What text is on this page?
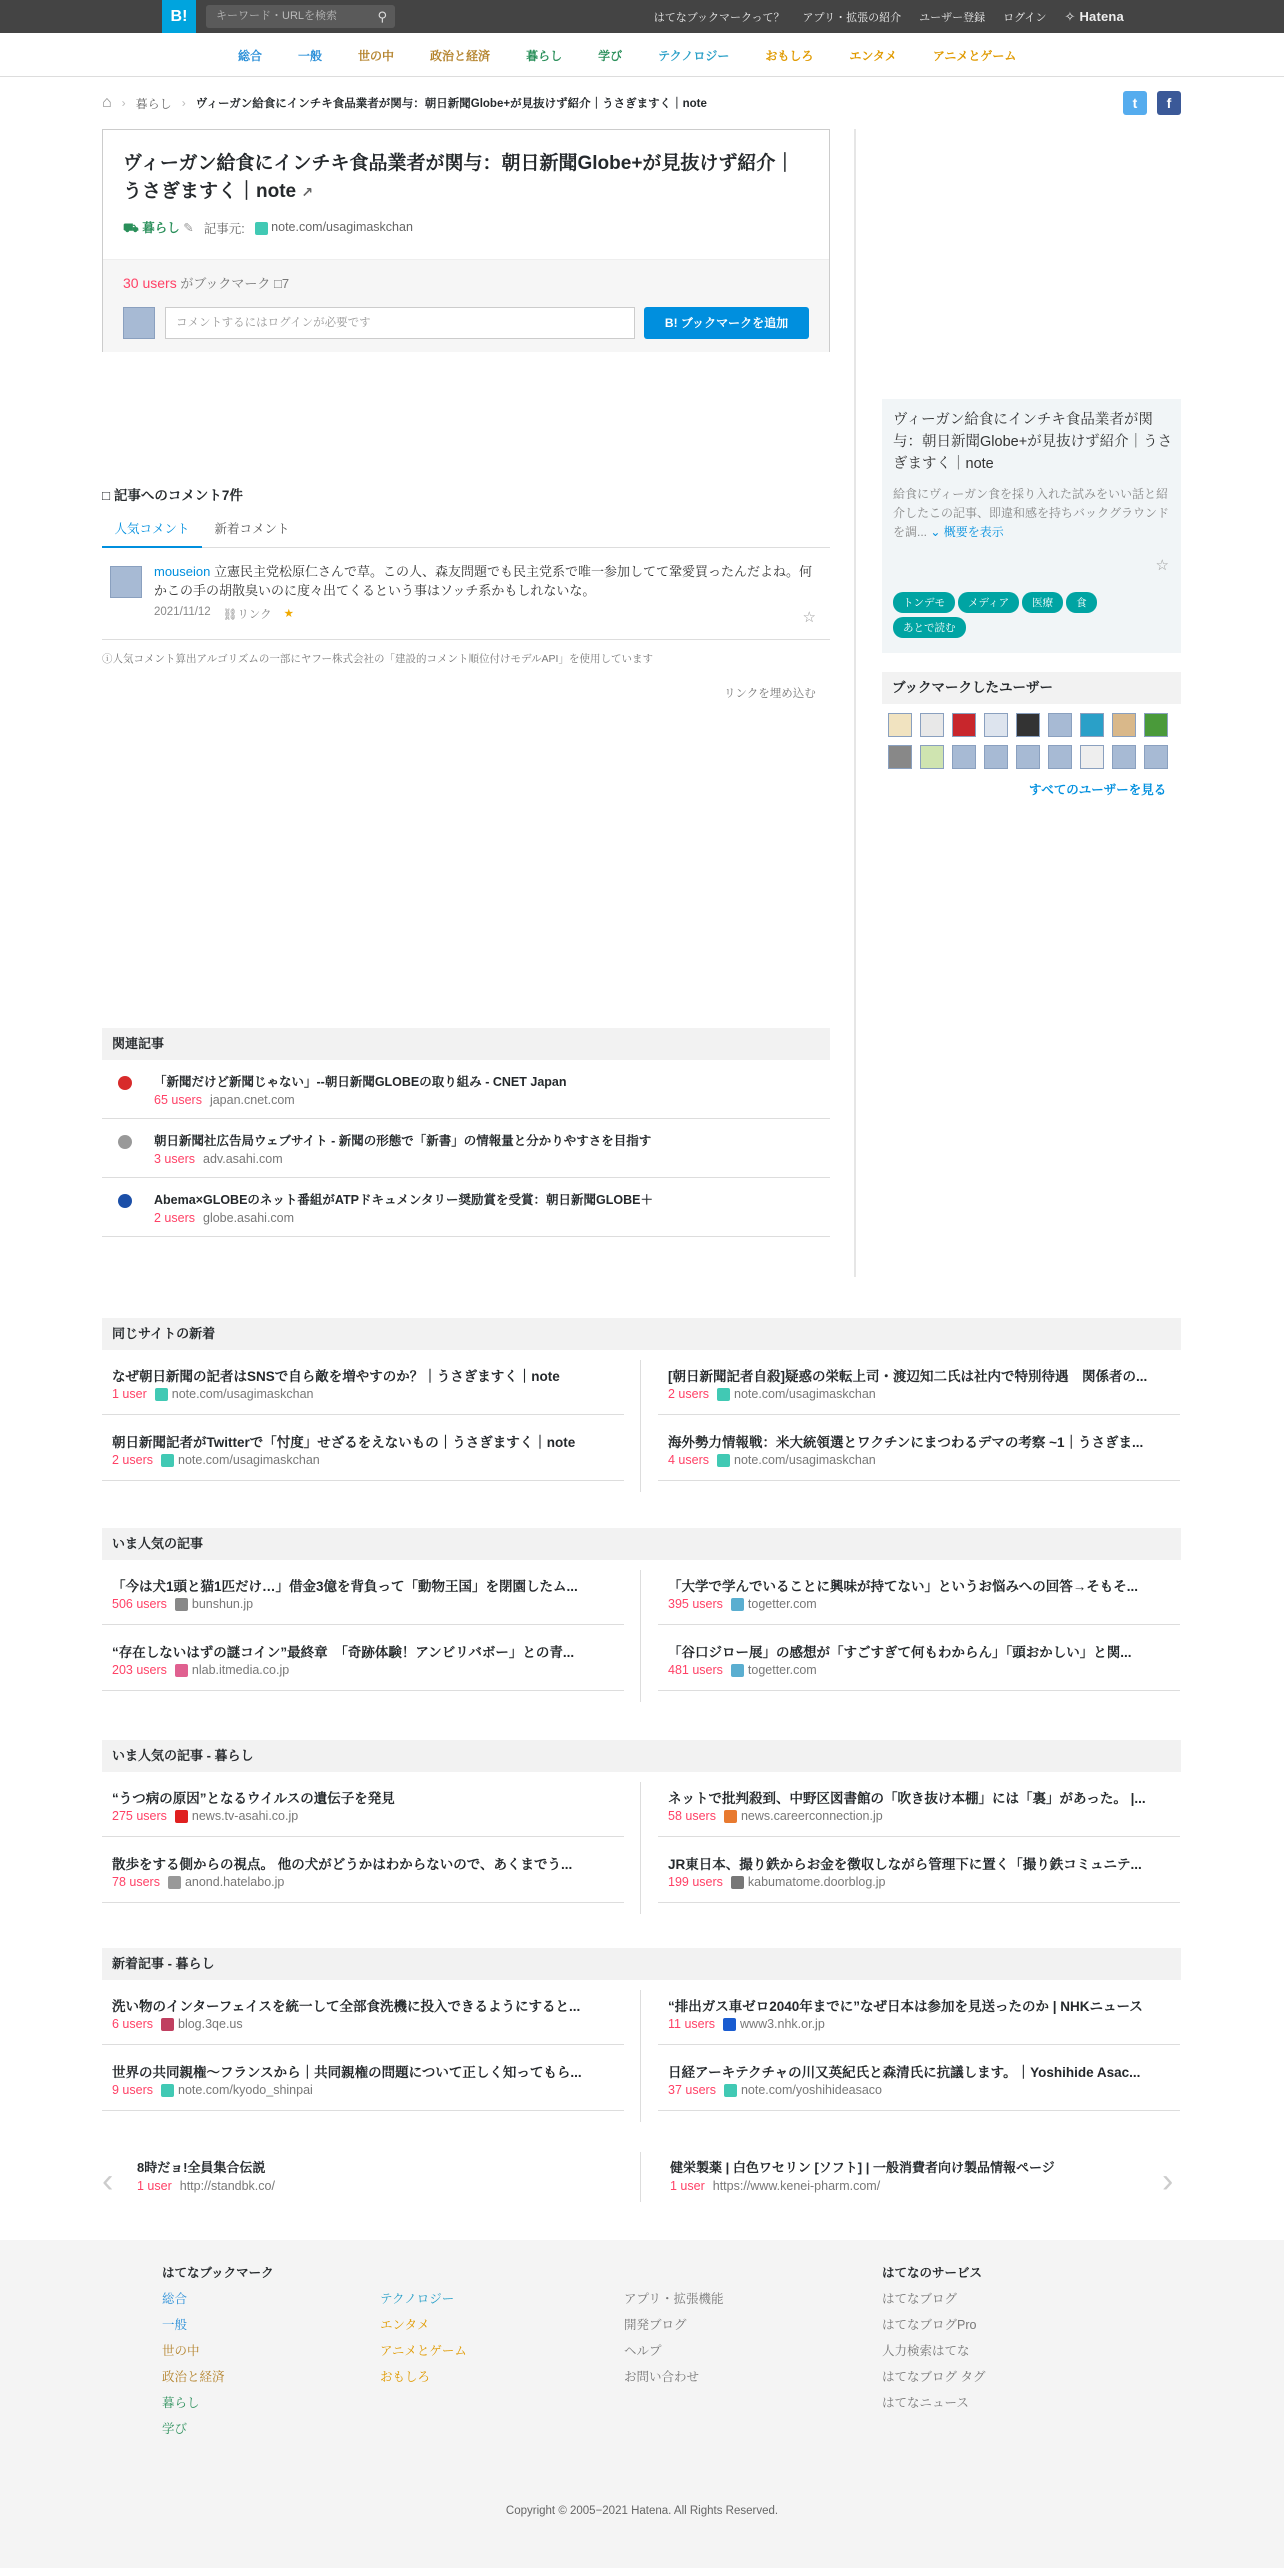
B!	キーワード・URLを検索	⚲	はてなブックマークって？ アプリ・拡張の紹介 ユーザー登録 ログイン ✧ Hatena
総合	一般	世の中	政治と経済	暮らし	学び	テクノロジー	おもしろ	エンタメ	アニメとゲーム
⌂ › 暮らし › ヴィーガン給食にインチキ食品業者が関与：朝日新聞Globe+が見抜けず紹介｜うさぎますく｜note	t	f
ヴィーガン給食にインチキ食品業者が関与：朝日新聞Globe+が見抜けず紹介｜うさぎますく｜note ↗
⛟ 暮らし ✎ 記事元:	note.com/usagimaskchan
30 users がブックマーク □7
コメントするにはログインが必要です	B! ブックマークを追加
□ 記事へのコメント7件
人気コメント	新着コメント
mouseion 立憲民主党松原仁さんで草。この人、森友問題でも民主党系で唯一参加してて鞏愛買ったんだよね。何かこの手の胡散臭いのに度々出てくるという事はソッチ系かもしれないな。
2021/11/12 ⛓リンク ★	☆
ⓘ人気コメント算出アルゴリズムの一部にヤフー株式会社の「建設的コメント順位付けモデルAPI」を使用しています
リンクを埋め込む
ヴィーガン給食にインチキ食品業者が関与：朝日新聞Globe+が見抜けず紹介｜うさぎますく｜note
給食にヴィーガン食を採り入れた試みをいい話と紹介したこの記事、即違和感を持ちバックグラウンドを調... ⌄ 概要を表示
☆
トンデモ メディア 医療 食あとで読む
ブックマークしたユーザー
すべてのユーザーを見る
関連記事
「新聞だけど新聞じゃない」--朝日新聞GLOBEの取り組み - CNET Japan
65 users japan.cnet.com
朝日新聞社広告局ウェブサイト - 新聞の形態で「新書」の情報量と分かりやすさを目指す
3 users adv.asahi.com
Abema×GLOBEのネット番組がATPドキュメンタリー奨励賞を受賞：朝日新聞GLOBE＋
2 users globe.asahi.com
同じサイトの新着
なぜ朝日新聞の記者はSNSで自ら敵を増やすのか？｜うさぎますく｜note
1 user	note.com/usagimaskchan
[朝日新聞記者自殺]疑惑の栄転上司・渡辺知二氏は社内で特別待遇　関係者の...
2 users	note.com/usagimaskchan
朝日新聞記者がTwitterで「忖度」せざるをえないもの｜うさぎますく｜note
2 users	note.com/usagimaskchan
海外勢力情報戦：米大統領選とワクチンにまつわるデマの考察 ~1｜うさぎま...
4 users	note.com/usagimaskchan
いま人気の記事
「今は犬1頭と猫1匹だけ…」借金3億を背負って「動物王国」を閉園したム...
506 users	bunshun.jp
「大学で学んでいることに興味が持てない」というお悩みへの回答→そもそ...
395 users	togetter.com
“存在しないはずの謎コイン”最終章　「奇跡体験！アンビリバボー」との青...
203 users	nlab.itmedia.co.jp
「谷口ジロー展」の感想が「すごすぎて何もわからん」「頭おかしい」と関...
481 users	togetter.com
いま人気の記事 - 暮らし
“うつ病の原因”となるウイルスの遺伝子を発見
275 users	news.tv-asahi.co.jp
ネットで批判殺到、中野区図書館の「吹き抜け本棚」には「裏」があった。 |...
58 users	news.careerconnection.jp
散歩をする側からの視点。 他の犬がどうかはわからないので、あくまでう...
78 users	anond.hatelabo.jp
JR東日本、撮り鉄からお金を徴収しながら管理下に置く「撮り鉄コミュニテ...
199 users	kabumatome.doorblog.jp
新着記事 - 暮らし
洗い物のインターフェイスを統一して全部食洗機に投入できるようにすると...
6 users	blog.3qe.us
“排出ガス車ゼロ2040年までに”なぜ日本は参加を見送ったのか | NHKニュース
11 users	www3.nhk.or.jp
世界の共同親権～フランスから｜共同親権の問題について正しく知ってもら...
9 users	note.com/kyodo_shinpai
日経アーキテクチャの川又英紀氏と森清氏に抗議します。｜Yoshihide Asac...
37 users	note.com/yoshihideasaco
8時だョ!全員集合伝説
1 user http://standbk.co/
健栄製薬 | 白色ワセリン [ソフト] | 一般消費者向け製品情報ページ
1 user https://www.kenei-pharm.com/
‹	›
はてなブックマーク
総合
一般
世の中
政治と経済
暮らし
学び
テクノロジー
エンタメ
アニメとゲーム
おもしろ
アプリ・拡張機能
開発ブログ
ヘルプ
お問い合わせ
はてなのサービス
はてなブログ
はてなブログPro
人力検索はてな
はてなブログ タグ
はてなニュース
Copyright © 2005−2021 Hatena. All Rights Reserved.
